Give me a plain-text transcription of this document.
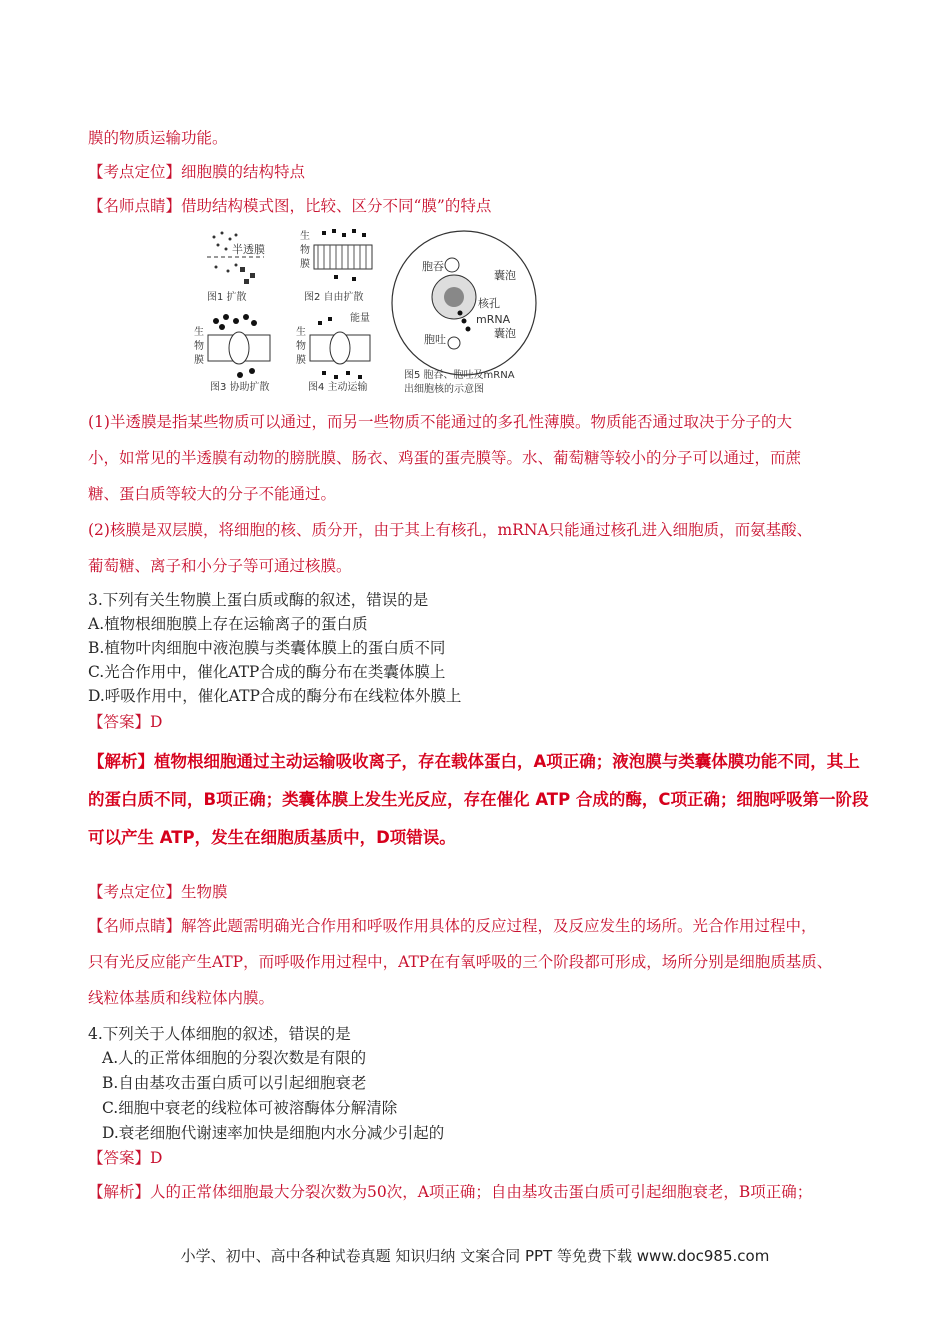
膜的物质运输功能。
【考点定位】细胞膜的结构特点
【名师点睛】借助结构模式图，比较、区分不同“膜”的特点
半透膜
图1 扩散
生
物
膜
图2 自由扩散
生
物
膜
图3 协助扩散
生
物
膜
能量
图4 主动运输
胞吞
囊泡
核孔
mRNA
囊泡
胞吐
图5 胞吞、胞吐及mRNA
出细胞核的示意图
(1)半透膜是指某些物质可以通过，而另一些物质不能通过的多孔性薄膜。物质能否通过取决于分子的大
小，如常见的半透膜有动物的膀胱膜、肠衣、鸡蛋的蛋壳膜等。水、葡萄糖等较小的分子可以通过，而蔗
糖、蛋白质等较大的分子不能通过。
(2)核膜是双层膜，将细胞的核、质分开，由于其上有核孔，mRNA只能通过核孔进入细胞质，而氨基酸、
葡萄糖、离子和小分子等可通过核膜。
3.下列有关生物膜上蛋白质或酶的叙述，错误的是
A.植物根细胞膜上存在运输离子的蛋白质
B.植物叶肉细胞中液泡膜与类囊体膜上的蛋白质不同
C.光合作用中，催化ATP合成的酶分布在类囊体膜上
D.呼吸作用中，催化ATP合成的酶分布在线粒体外膜上
【答案】D
【解析】植物根细胞通过主动运输吸收离子，存在载体蛋白，A项正确；液泡膜与类囊体膜功能不同，其上
的蛋白质不同，B项正确；类囊体膜上发生光反应，存在催化 ATP 合成的酶，C项正确；细胞呼吸第一阶段
可以产生 ATP，发生在细胞质基质中，D项错误。
【考点定位】生物膜
【名师点睛】解答此题需明确光合作用和呼吸作用具体的反应过程，及反应发生的场所。光合作用过程中，
只有光反应能产生ATP，而呼吸作用过程中，ATP在有氧呼吸的三个阶段都可形成，场所分别是细胞质基质、
线粒体基质和线粒体内膜。
4.下列关于人体细胞的叙述，错误的是
A.人的正常体细胞的分裂次数是有限的
B.自由基攻击蛋白质可以引起细胞衰老
C.细胞中衰老的线粒体可被溶酶体分解清除
D.衰老细胞代谢速率加快是细胞内水分减少引起的
【答案】D
【解析】人的正常体细胞最大分裂次数为50次，A项正确；自由基攻击蛋白质可引起细胞衰老，B项正确；
小学、初中、高中各种试卷真题 知识归纳 文案合同 PPT 等免费下载 www.doc985.com
